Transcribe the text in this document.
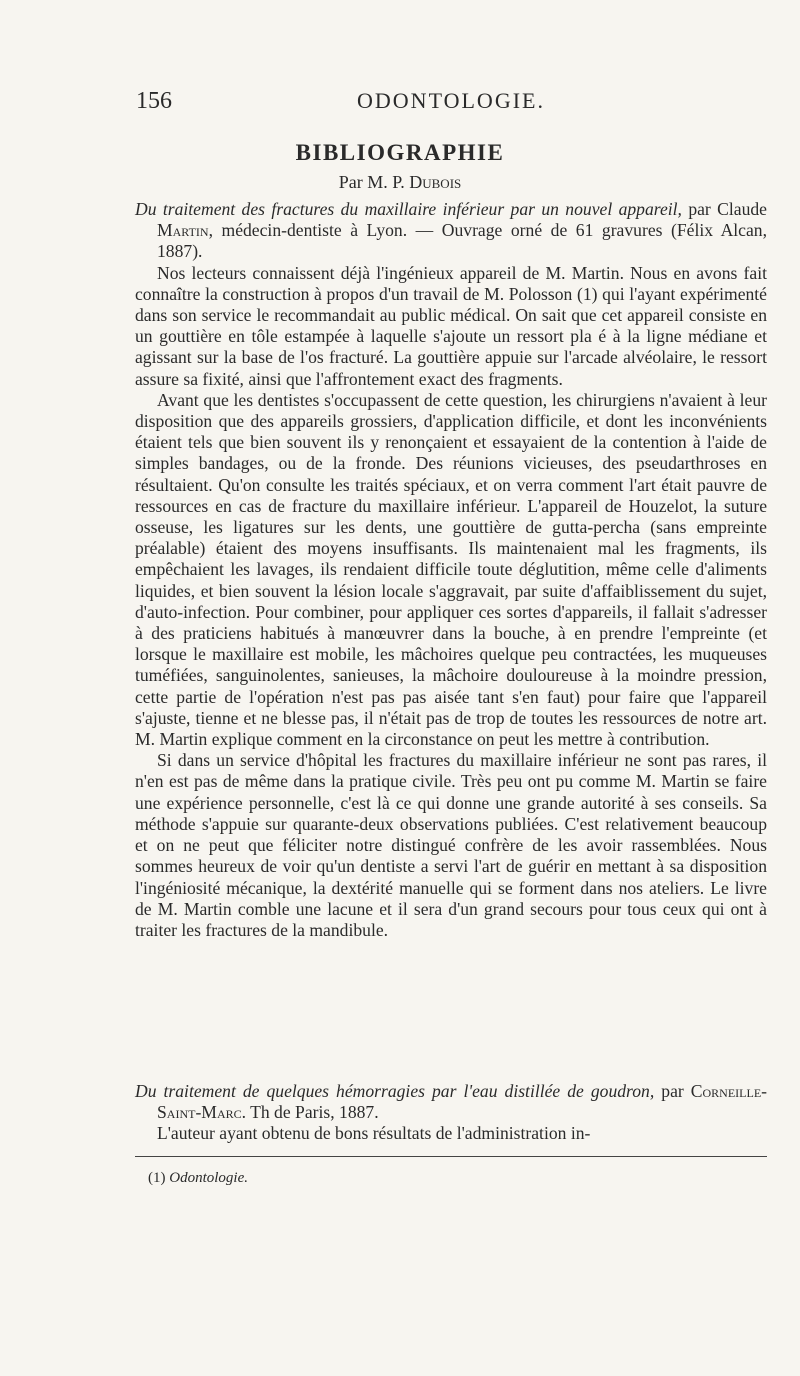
156	ODONTOLOGIE.
BIBLIOGRAPHIE
Par M. P. Dubois

Du traitement des fractures du maxillaire inférieur par un nouvel appareil, par Claude Martin, médecin-dentiste à Lyon. — Ouvrage orné de 61 gravures (Félix Alcan, 1887).

Nos lecteurs connaissent déjà l'ingénieux appareil de M. Martin. Nous en avons fait connaître la construction à propos d'un travail de M. Polosson (1) qui l'ayant expérimenté dans son service le recommandait au public médical. On sait que cet appareil consiste en un gouttière en tôle estampée à laquelle s'ajoute un ressort pla é à la ligne médiane et agissant sur la base de l'os fracturé. La gouttière appuie sur l'arcade alvéolaire, le ressort assure sa fixité, ainsi que l'affrontement exact des fragments.

Avant que les dentistes s'occupassent de cette question, les chirurgiens n'avaient à leur disposition que des appareils grossiers, d'application difficile, et dont les inconvénients étaient tels que bien souvent ils y renonçaient et essayaient de la contention à l'aide de simples bandages, ou de la fronde. Des réunions vicieuses, des pseudarthroses en résultaient. Qu'on consulte les traités spéciaux, et on verra comment l'art était pauvre de ressources en cas de fracture du maxillaire inférieur. L'appareil de Houzelot, la suture osseuse, les ligatures sur les dents, une gouttière de gutta-percha (sans empreinte préalable) étaient des moyens insuffisants. Ils maintenaient mal les fragments, ils empêchaient les lavages, ils rendaient difficile toute déglutition, même celle d'aliments liquides, et bien souvent la lésion locale s'aggravait, par suite d'affaiblissement du sujet, d'auto-infection. Pour combiner, pour appliquer ces sortes d'appareils, il fallait s'adresser à des praticiens habitués à manœuvrer dans la bouche, à en prendre l'empreinte (et lorsque le maxillaire est mobile, les mâchoires quelque peu contractées, les muqueuses tuméfiées, sanguinolentes, sanieuses, la mâchoire douloureuse à la moindre pression, cette partie de l'opération n'est pas pas aisée tant s'en faut) pour faire que l'appareil s'ajuste, tienne et ne blesse pas, il n'était pas de trop de toutes les ressources de notre art. M. Martin explique comment en la circonstance on peut les mettre à contribution.

Si dans un service d'hôpital les fractures du maxillaire inférieur ne sont pas rares, il n'en est pas de même dans la pratique civile. Très peu ont pu comme M. Martin se faire une expérience personnelle, c'est là ce qui donne une grande autorité à ses conseils. Sa méthode s'appuie sur quarante-deux observations publiées. C'est relativement beaucoup et on ne peut que féliciter notre distingué confrère de les avoir rassemblées. Nous sommes heureux de voir qu'un dentiste a servi l'art de guérir en mettant à sa disposition l'ingéniosité mécanique, la dextérité manuelle qui se forment dans nos ateliers. Le livre de M. Martin comble une lacune et il sera d'un grand secours pour tous ceux qui ont à traiter les fractures de la mandibule.

Du traitement de quelques hémorragies par l'eau distillée de goudron, par Corneille-Saint-Marc. Th de Paris, 1887.

L'auteur ayant obtenu de bons résultats de l'administration in-

(1) Odontologie.
